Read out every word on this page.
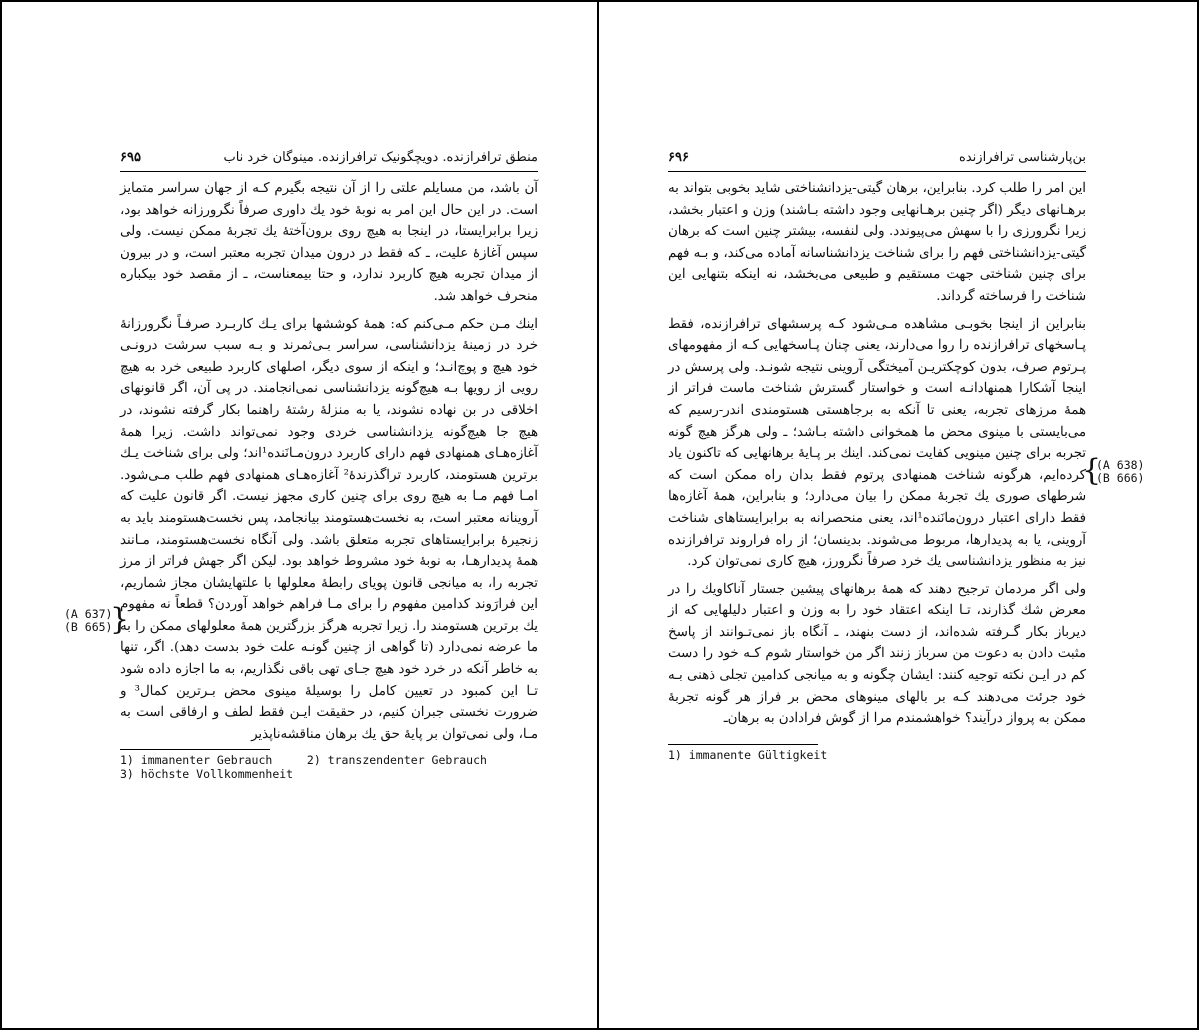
منطق ترافرازنده. دویچگونیک ترافرازنده. مینوگان خرد ناب
۶۹۵

آن باشد، من مسایلم علتی را از آن نتیجه بگیرم کـه از جهان سراسر متمایز است. در این حال این امر به نوبهٔ خود یك داوری صرفاً نگرورزانه خواهد بود، زیرا برابرایستا، در اینجا به هیچ روی برون‌آختهٔ یك تجربهٔ ممکن نیست. ولی سپس آغازهٔ علیت، ـ که فقط در درون میدان تجربه معتبر است، و در بیرون از میدان تجربه هیچ کاربرد ندارد، و حتا بیمعناست، ـ از مقصد خود بیکباره منحرف خواهد شد.

اینك مـن حکم مـی‌کنم که: همهٔ کوششها برای یـك کاربـرد صرفـاً نگرورزانهٔ خرد در زمینهٔ یزدانشناسی، سراسر بـی‌ثمرند و بـه سبب سرشت درونـی خود هیچ و پوچ‌انـد؛ و اینکه از سوی دیگر، اصلهای کاربرد طبیعی خرد به هیچ رویی از رویها بـه هیچ‌گونه یزدانشناسی نمی‌انجامند. در پی آن، اگر قانونهای اخلاقی در بن نهاده نشوند، یا به منزلهٔ رشتهٔ راهنما بکار گرفته نشوند، در هیچ جا هیچ‌گونه یزدانشناسی خردی وجود نمی‌تواند داشت. زیرا همهٔ آغازه‌هـای همنهادی فهم دارای کاربرد درون‌مـانَنده¹اند؛ ولی برای شناخت یـك برترین هستومند، کاربرد ترا‌گذرندهٔ² آغازه‌هـای همنهادی فهم طلب مـی‌شود. امـا فهم مـا به هیچ روی برای چنین کاری مجهز نیست. اگر قانون علیت که آروینانه معتبر است، به نخست‌هستومند بیانجامد، پس نخست‌هستومند باید به زنجیرهٔ برابرایستاهای تجربه متعلق باشد. ولی آنگاه نخست‌هستومند، مـانند همهٔ پدیدارهـا، به نوبهٔ خود مشروط خواهد بود. لیکن اگر جهش فراتر از مرز تجربه را، به میانجی قانون پویای رابطهٔ معلولها با علتها‌یشان مجاز شماریم، این فرارَوند کدامین مفهوم را برای مـا فراهم خواهد آوردن؟ قطعاً نه مفهوم یك برترین هستومند را. زیرا تجربه هرگز بزرگترین همهٔ معلولهای ممکن را به ما عرضه نمی‌دارد (تا گواهی از چنین گونـه علت خود بدست دهد). اگر، تنها به خاطر آنکه در خرد خود هیچ جـای تهی باقی نگذاریم، به ما اجازه داده شود تـا این کمبود در تعیین کامل را بوسیلهٔ مینوی محض بـرترین کمال³ و ضرورت نخستی جبران کنیم، در حقیقت ایـن فقط لطف و ارفاقی است به مـا، ولی نمی‌توان بر پایهٔ حق یك برهان مناقشه‌ناپذیر

1) immanenter Gebrauch     2) transzendenter Gebrauch
3) höchste Vollkommenheit
}
(A 637)
(B 665)
بن‌پارشناسی ترافرازنده
۶۹۶

این امر را طلب کرد. بنابراین، برهان گیتی-یزدانشناختی شاید بخوبی بتواند به برهـانهای دیگر (اگر چنین برهـانهایی وجود داشته بـاشند) وزن و اعتبار بخشد، زیرا نگرورزی را با سهش می‌پیوندد. ولی لنفسه، بیشتر چنین است که برهان گیتی-یزدانشناختی فهم را برای شناخت یزدانشناسانه آماده می‌کند، و بـه فهم برای چنین شناختی جهت مستقیم و طبیعی می‌بخشد، نه اینکه بتنهایی این شناخت را فرساخته گرداند.

بنابراین از اینجا بخوبـی مشاهده مـی‌شود کـه پرسشهای ترافرازنده، فقط پـاسخهای ترافرازنده را روا می‌دارند، یعنی چنان پـاسخهایی کـه از مفهومهای پـرتوم صرف، بدون کوچکتریـن آمیختگی آروینی نتیجه شونـد. ولی پرسش در اینجا آشکارا همنهادانـه است و خواستار گسترش شناخت ماست فراتر از همهٔ مرزهای تجربه، یعنی تا آنکه به برجاهستی هستومندی اندر-رسیم که می‌بایستی با مینوی محض ما همخوانی داشته بـاشد؛ ـ ولی هرگز هیچ گونه تجربه برای چنین مینویی کفایت نمی‌کند. اینك بر پـایهٔ برهانهایی که تاکنون یاد کرده‌ایم، هرگونه شناخت همنهادی پرتوم فقط بدان راه ممکن است که شرطهای صوری یك تجربهٔ ممکن را بیان می‌دارد؛ و بنابراین، همهٔ آغازه‌ها فقط دارای اعتبار درون‌مانَنده¹اند، یعنی منحصرانه به برابرایستاهای شناخت آروینی، یا به پدیدارها، مربوط می‌شوند. بدینسان؛ از راه فراروند ترافرازنده نیز به منظور یزدانشناسی یك خرد صرفاً نگرورز، هیچ کاری نمی‌توان کرد.

ولی اگر مردمان ترجیح دهند که همهٔ برهانهای پیشین جستار آناکاویك را در معرض شك گذارند، تـا اینکه اعتقاد خود را به وزن و اعتبار دلیلهایی که از دیرباز بکار گـرفته شده‌اند، از دست بنهند، ـ آنگاه باز نمی‌تـوانند از پاسخ مثبت دادن به دعوت من سرباز زنند اگر من خواستار شوم کـه خود را دست کم در ایـن نکته توجیه کنند: ایشان چگونه و به میانجی کدامین تجلی ذهنی بـه خود جرئت می‌دهند کـه بر بالهای مینوهای محض بر فراز هر گونه تجربهٔ ممکن به پرواز درآیند؟ خواهشمندم مرا از گوش فرادادن به برهان‌ـ

1) immanente Gültigkeit
{
(A 638)
(B 666)
